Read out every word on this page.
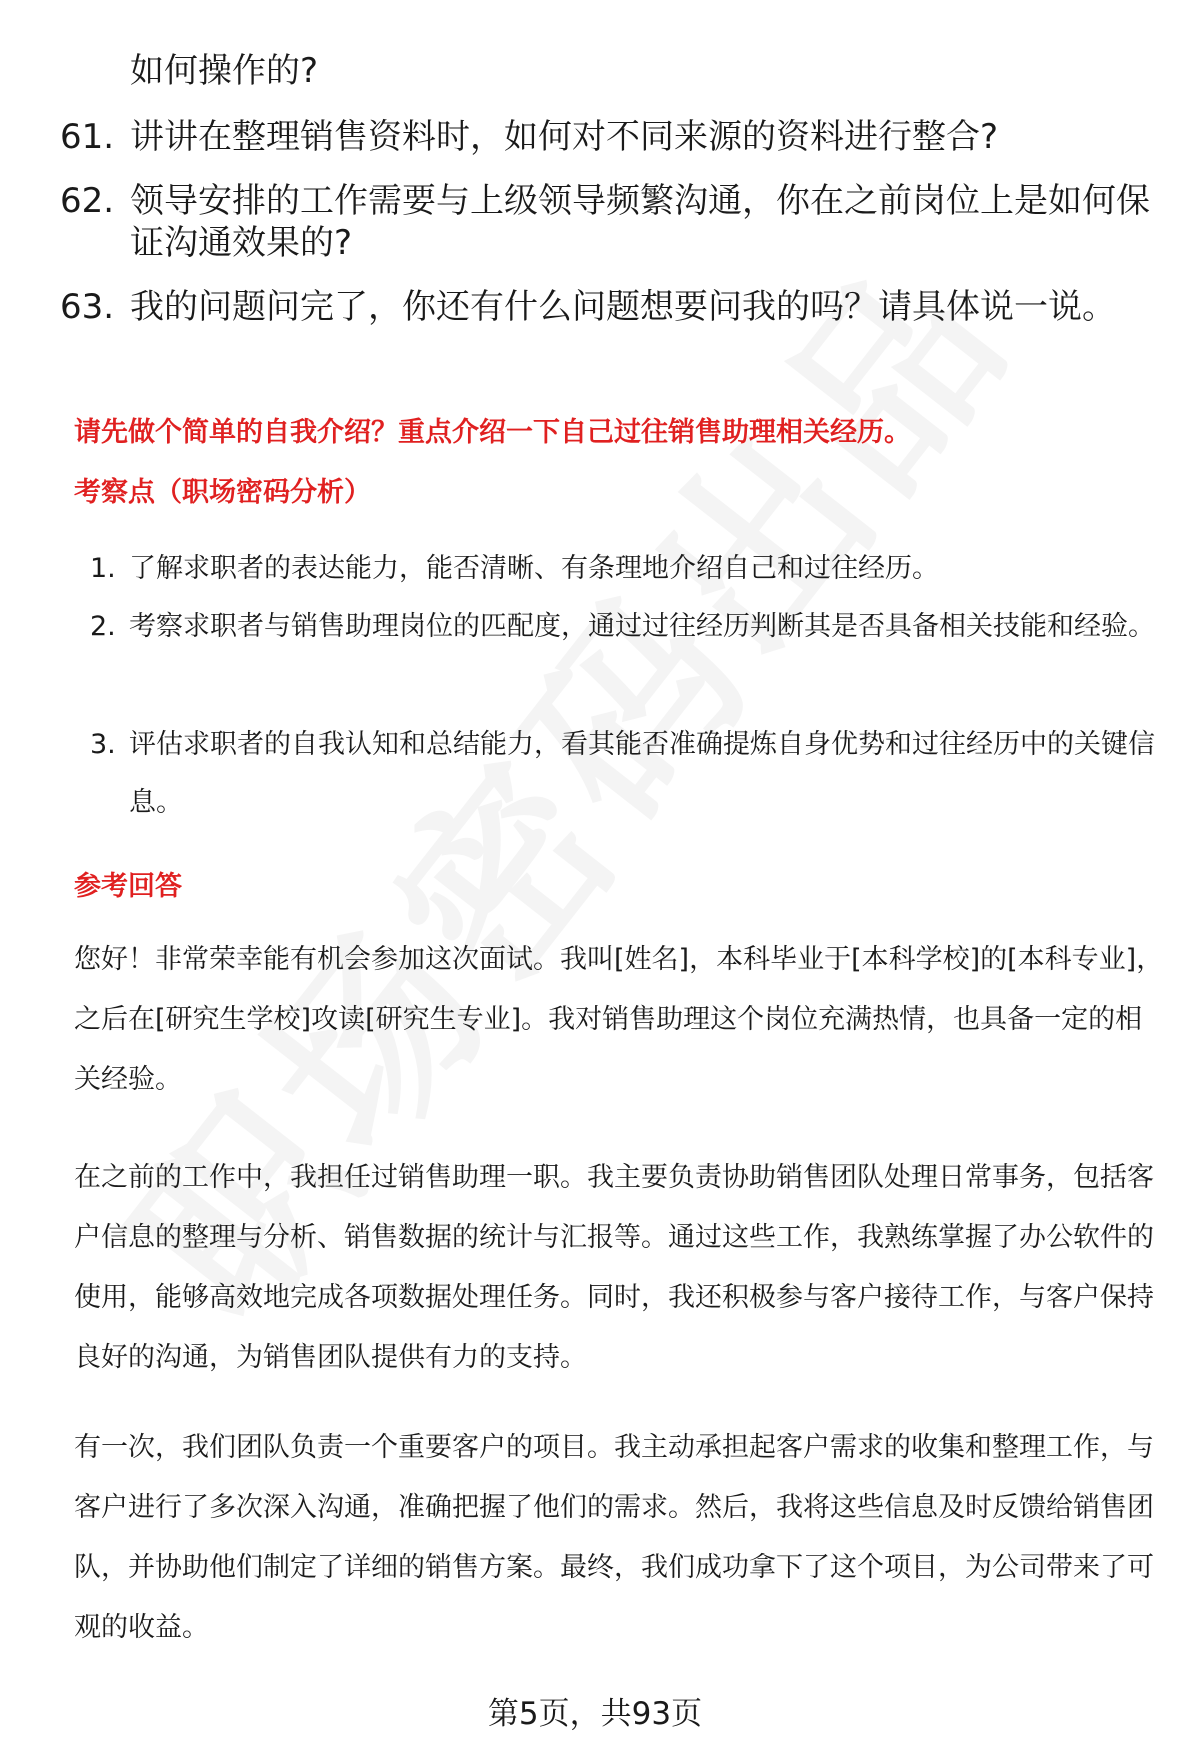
如何操作的?
61. 讲讲在整理销售资料时，如何对不同来源的资料进行整合?
62. 领导安排的工作需要与上级领导频繁沟通，你在之前岗位上是如何保证沟通效果的?
63. 我的问题问完了，你还有什么问题想要问我的吗？请具体说一说。
请先做个简单的自我介绍？重点介绍一下自己过往销售助理相关经历。
考察点（职场密码分析）
1. 了解求职者的表达能力，能否清晰、有条理地介绍自己和过往经历。
2. 考察求职者与销售助理岗位的匹配度，通过过往经历判断其是否具备相关技能和经验。
3. 评估求职者的自我认知和总结能力，看其能否准确提炼自身优势和过往经历中的关键信息。
参考回答
您好！非常荣幸能有机会参加这次面试。我叫[姓名]，本科毕业于[本科学校]的[本科专业]，之后在[研究生学校]攻读[研究生专业]。我对销售助理这个岗位充满热情，也具备一定的相关经验。
在之前的工作中，我担任过销售助理一职。我主要负责协助销售团队处理日常事务，包括客户信息的整理与分析、销售数据的统计与汇报等。通过这些工作，我熟练掌握了办公软件的使用，能够高效地完成各项数据处理任务。同时，我还积极参与客户接待工作，与客户保持良好的沟通，为销售团队提供有力的支持。
有一次，我们团队负责一个重要客户的项目。我主动承担起客户需求的收集和整理工作，与客户进行了多次深入沟通，准确把握了他们的需求。然后，我将这些信息及时反馈给销售团队，并协助他们制定了详细的销售方案。最终，我们成功拿下了这个项目，为公司带来了可观的收益。
第5页，共93页
